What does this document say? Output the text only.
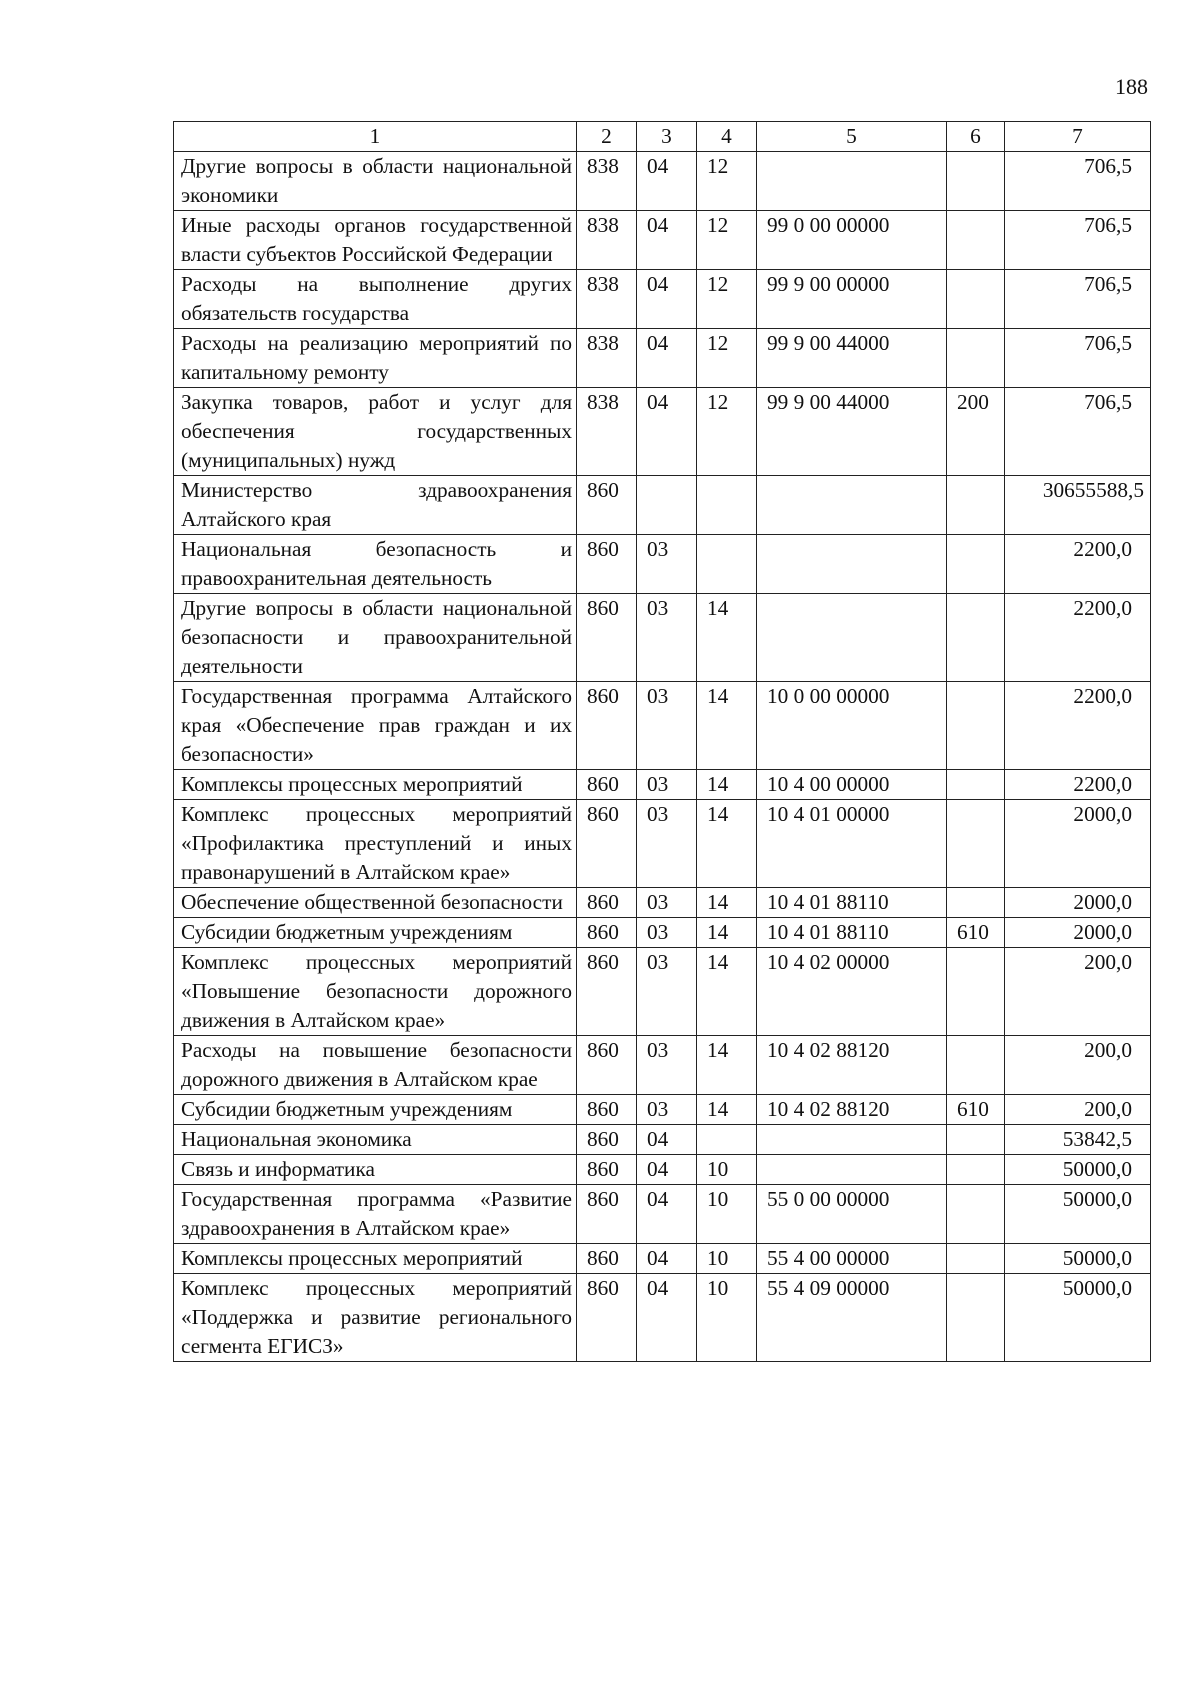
188
1	2	3	4	5	6	7
Другие вопросы в области национальной экономики	838	04	12			706,5
Иные расходы органов государственной власти субъектов Российской Федерации	838	04	12	99 0 00 00000		706,5
Расходы на выполнение других обязательств государства	838	04	12	99 9 00 00000		706,5
Расходы на реализацию мероприятий по капитальному ремонту	838	04	12	99 9 00 44000		706,5
Закупка товаров, работ и услуг для обеспечения государственных (муниципальных) нужд	838	04	12	99 9 00 44000	200	706,5
Министерство здравоохранения Алтайского края	860					30655588,5
Национальная безопасность и правоохранительная деятельность	860	03				2200,0
Другие вопросы в области национальной безопасности и правоохранительной деятельности	860	03	14			2200,0
Государственная программа Алтайского края «Обеспечение прав граждан и их безопасности»	860	03	14	10 0 00 00000		2200,0
Комплексы процессных мероприятий	860	03	14	10 4 00 00000		2200,0
Комплекс процессных мероприятий «Профилактика преступлений и иных правонарушений в Алтайском крае»	860	03	14	10 4 01 00000		2000,0
Обеспечение общественной безопасности	860	03	14	10 4 01 88110		2000,0
Субсидии бюджетным учреждениям	860	03	14	10 4 01 88110	610	2000,0
Комплекс процессных мероприятий «Повышение безопасности дорожного движения в Алтайском крае»	860	03	14	10 4 02 00000		200,0
Расходы на повышение безопасности дорожного движения в Алтайском крае	860	03	14	10 4 02 88120		200,0
Субсидии бюджетным учреждениям	860	03	14	10 4 02 88120	610	200,0
Национальная экономика	860	04				53842,5
Связь и информатика	860	04	10			50000,0
Государственная программа «Развитие здравоохранения в Алтайском крае»	860	04	10	55 0 00 00000		50000,0
Комплексы процессных мероприятий	860	04	10	55 4 00 00000		50000,0
Комплекс процессных мероприятий «Поддержка и развитие регионального сегмента ЕГИСЗ»	860	04	10	55 4 09 00000		50000,0
